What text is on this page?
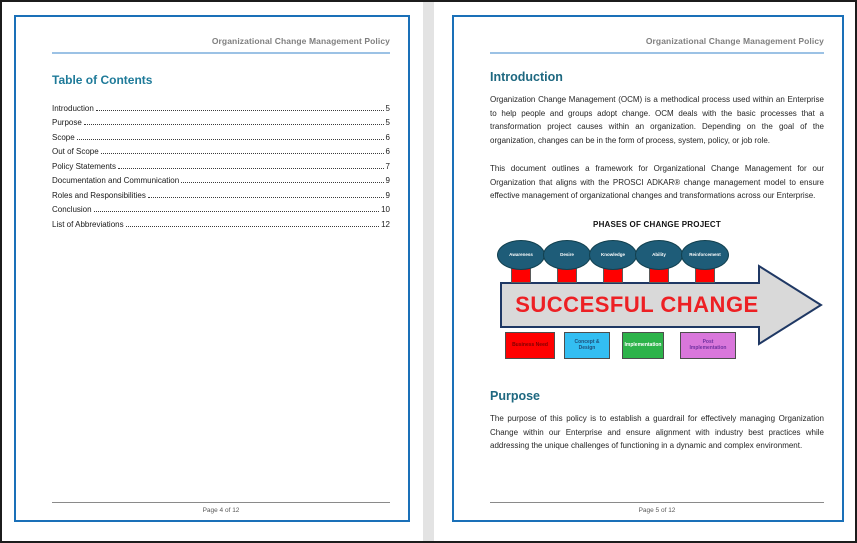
Organizational Change Management Policy
Table of Contents
Introduction	5
Purpose	5
Scope	6
Out of Scope	6
Policy Statements	7
Documentation and Communication	9
Roles and Responsibilities	9
Conclusion	10
List of Abbreviations	12
Page 4 of 12
Organizational Change Management Policy
Introduction

Organization Change Management (OCM) is a methodical process used within an Enterprise to help people and groups adopt change. OCM deals with the basic processes that a transformation project causes within an organization. Depending on the goal of the organization, changes can be in the form of process, system, policy, or job role.

This document outlines a framework for Organizational Change Management for our Organization that aligns with the PROSCI ADKAR® change management model to ensure effective management of organizational changes and transformations across our Enterprise.

PHASES OF CHANGE PROJECT
Awareness	Desire	Knowledge	Ability	Reinforcement
SUCCESFUL CHANGE
Business Need	Concept & Design	Implementation	Post Implementation
Purpose

The purpose of this policy is to establish a guardrail for effectively managing Organization Change within our Enterprise and ensure alignment with industry best practices while addressing the unique challenges of functioning in a dynamic and complex environment.

Page 5 of 12
